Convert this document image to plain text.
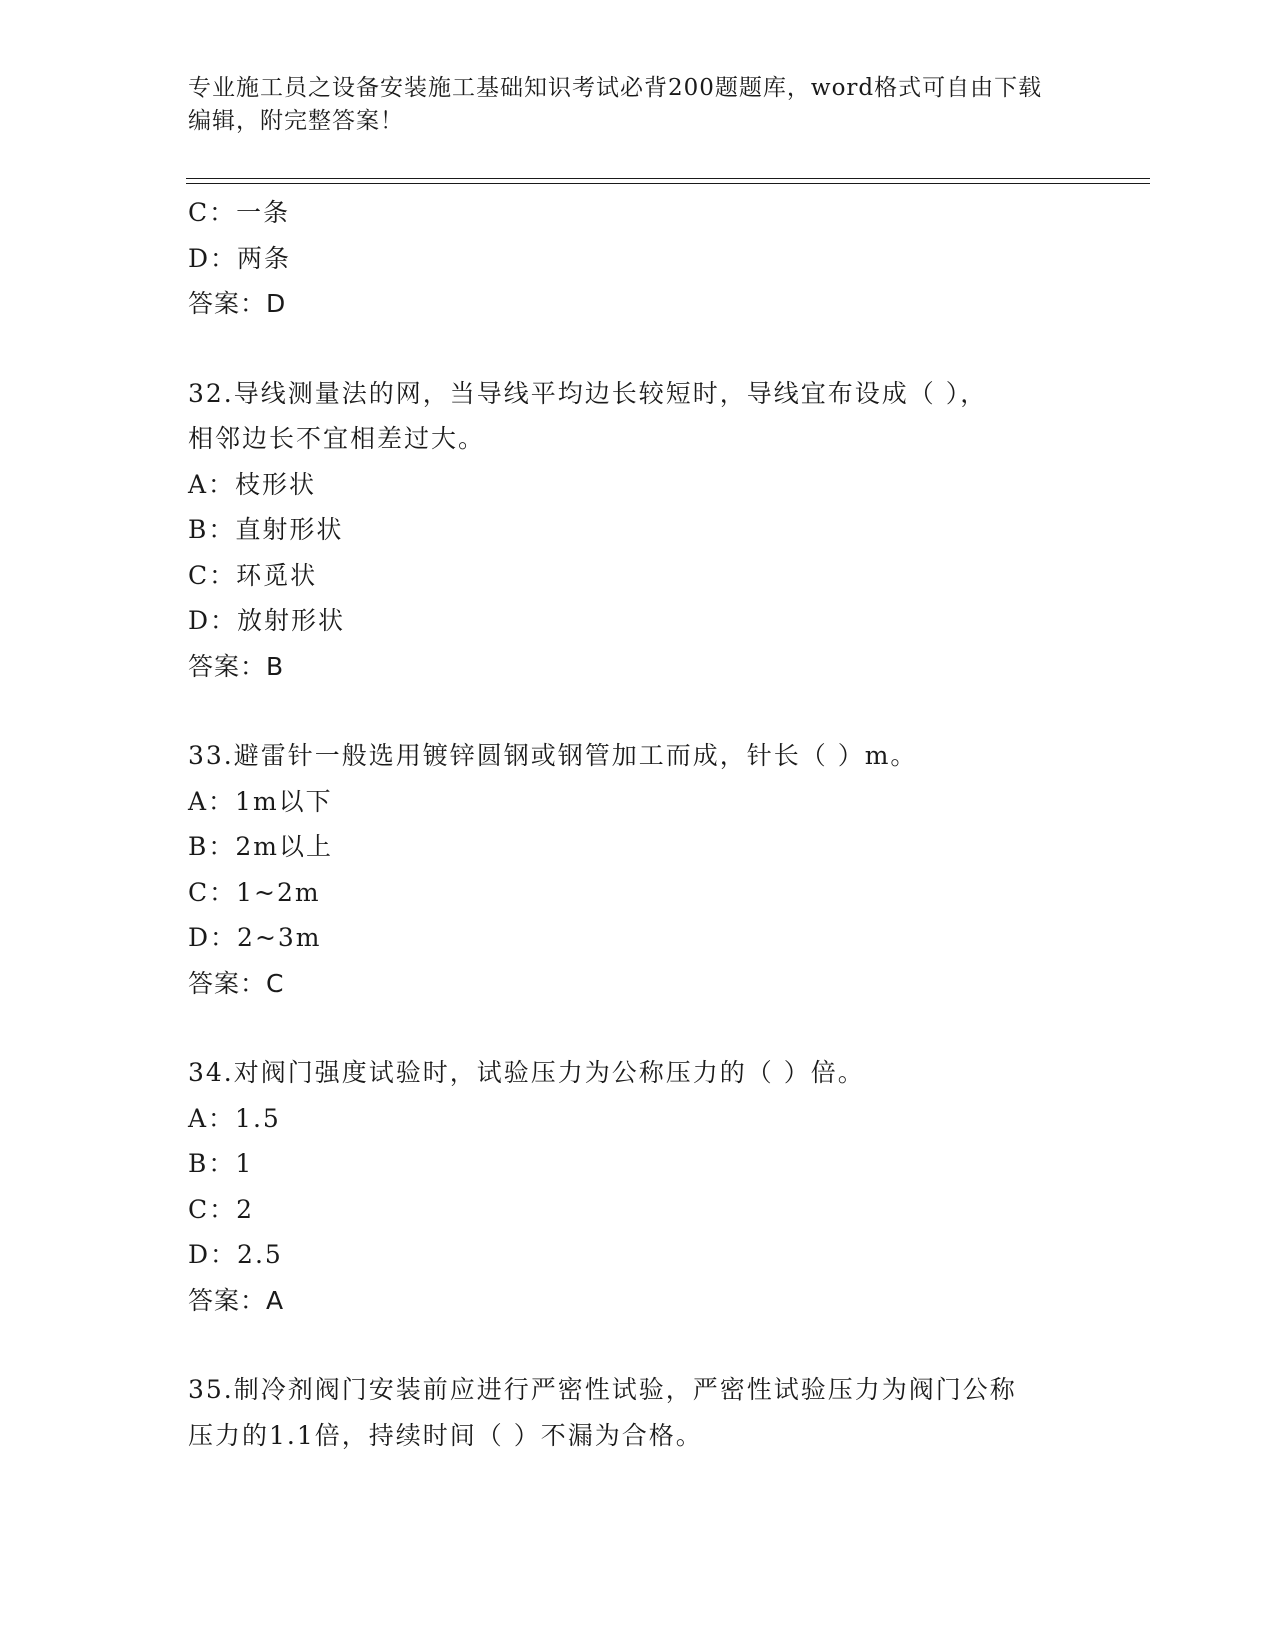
专业施工员之设备安装施工基础知识考试必背200题题库，word格式可自由下载
编辑，附完整答案！
C：一条
D：两条
答案：D
32.导线测量法的网，当导线平均边长较短时，导线宜布设成（ ），
相邻边长不宜相差过大。
A：枝形状
B：直射形状
C：环觅状
D：放射形状
答案：B
33.避雷针一般选用镀锌圆钢或钢管加工而成，针长（ ）m。
A：1m以下
B：2m以上
C：1~2m
D：2~3m
答案：C
34.对阀门强度试验时，试验压力为公称压力的（ ）倍。
A：1.5
B：1
C：2
D：2.5
答案：A
35.制冷剂阀门安装前应进行严密性试验，严密性试验压力为阀门公称
压力的1.1倍，持续时间（ ）不漏为合格。
